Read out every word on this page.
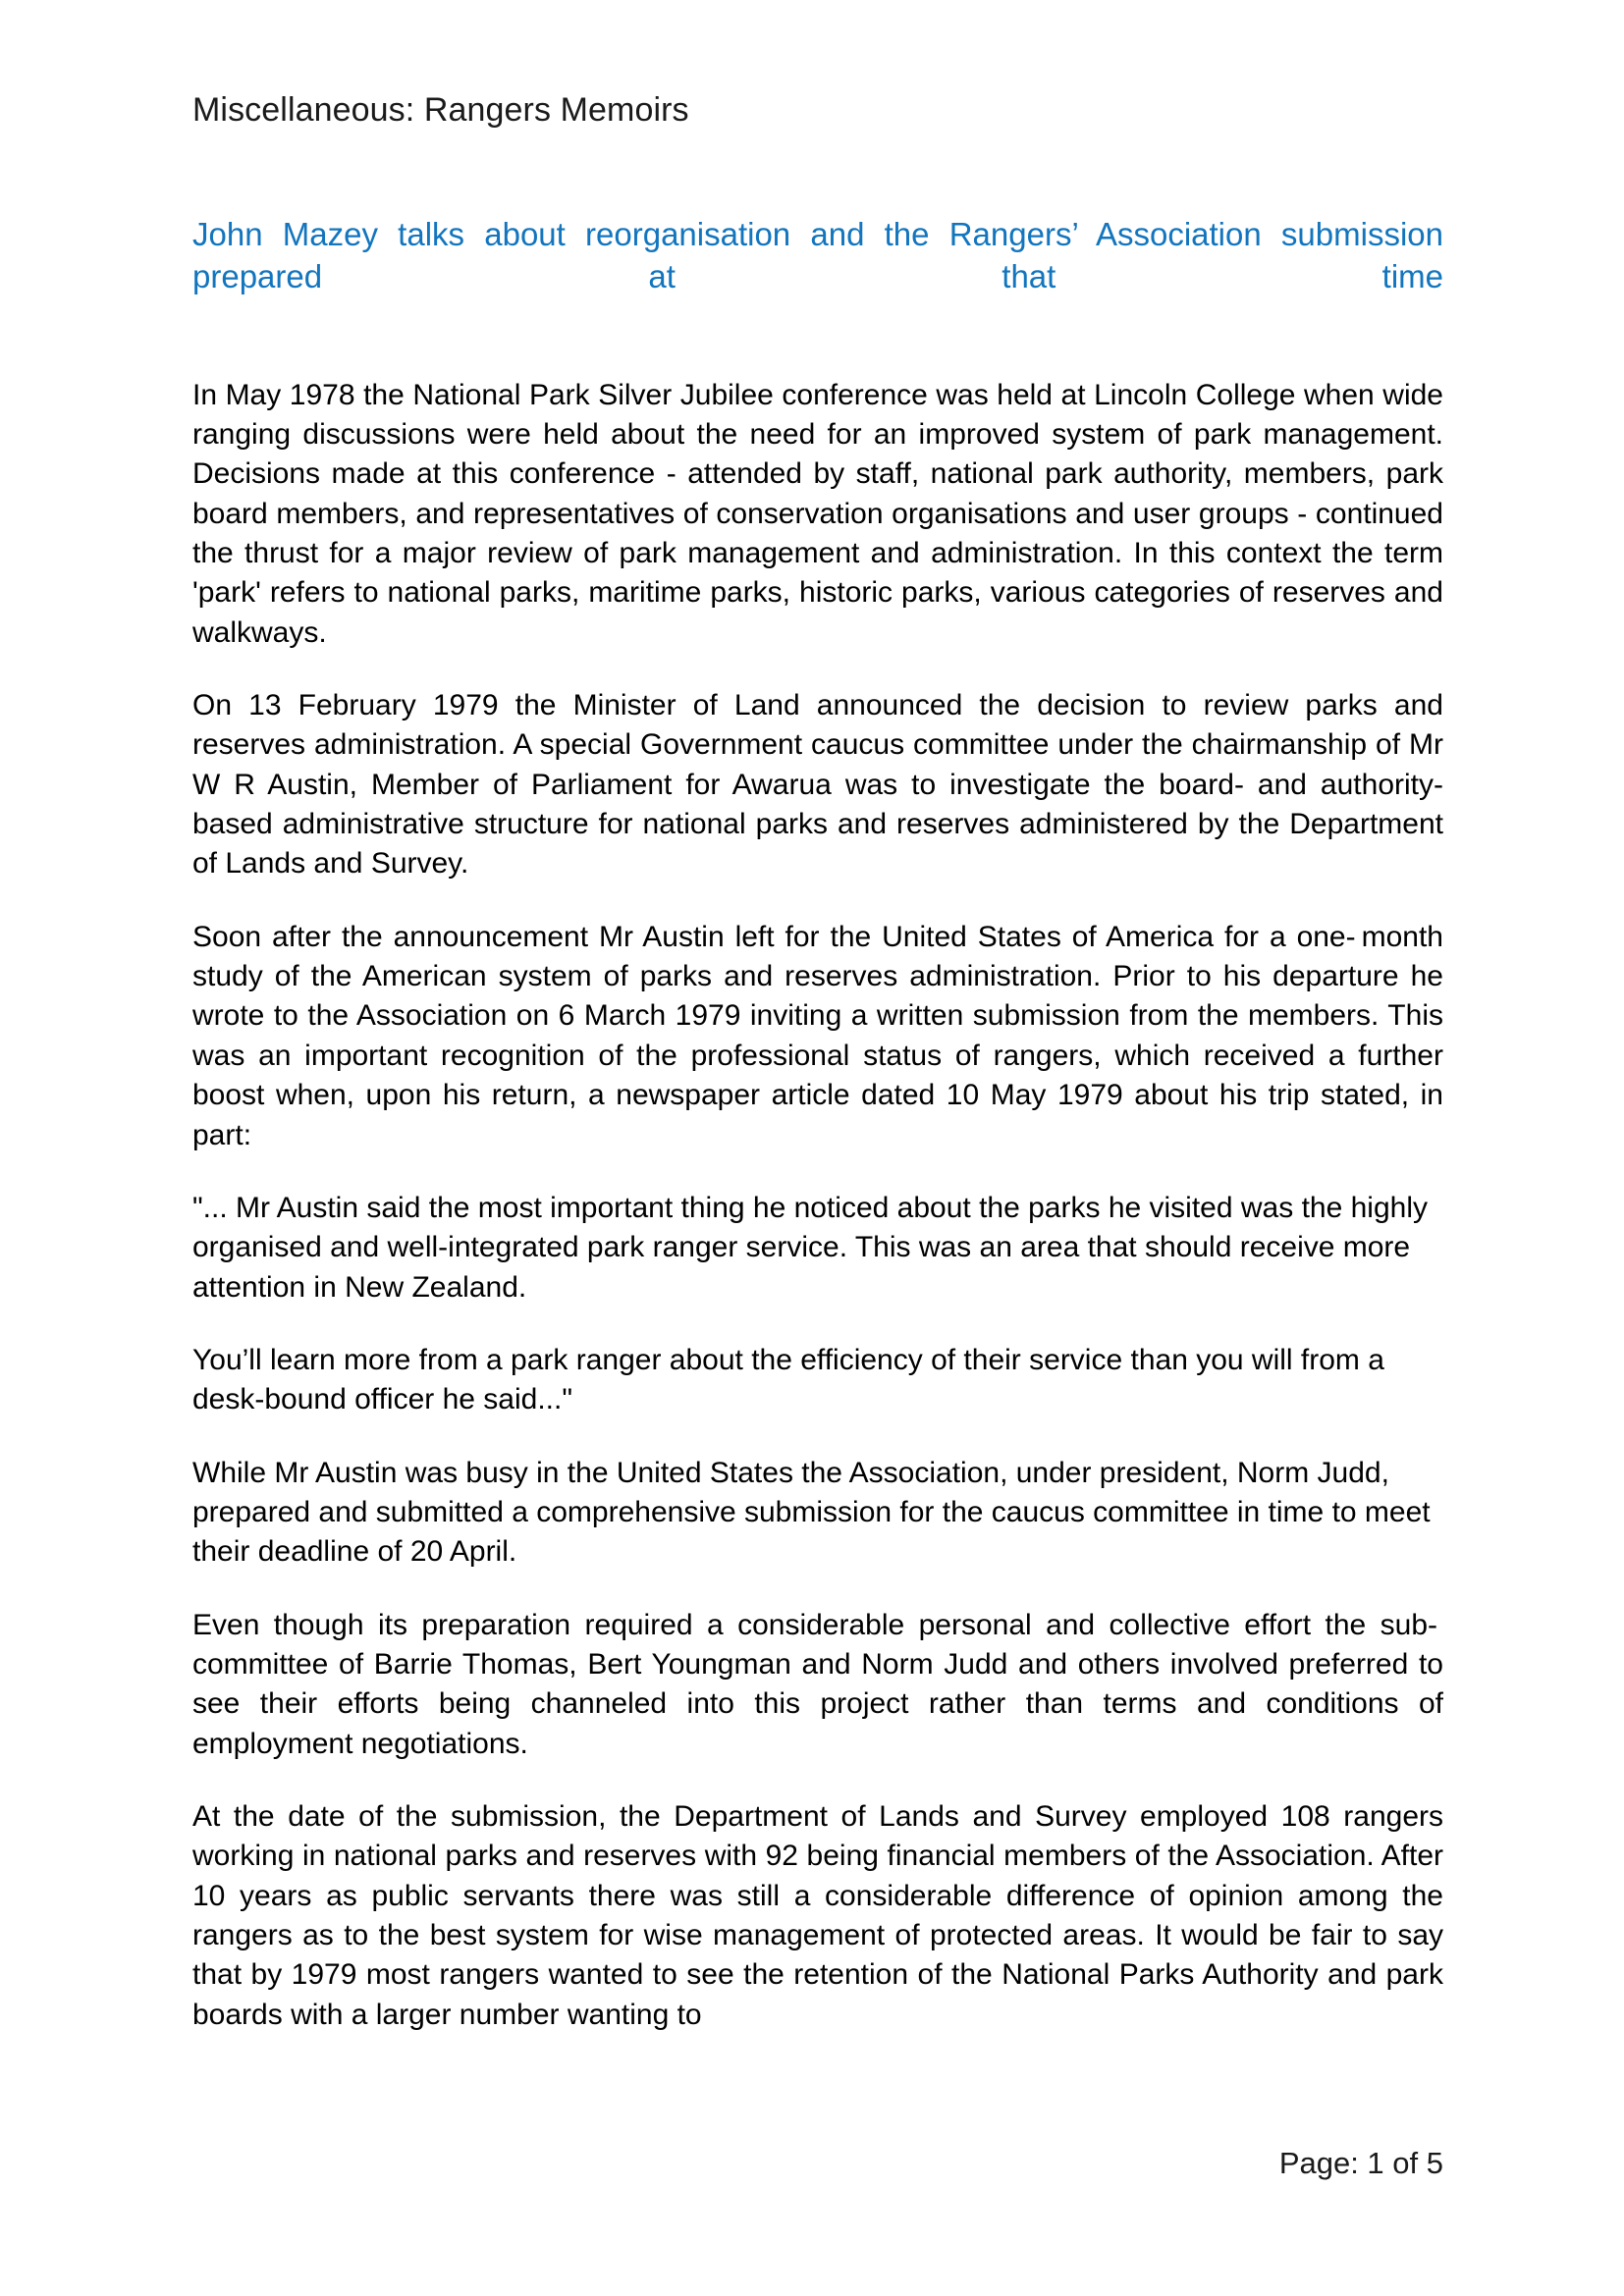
Miscellaneous: Rangers Memoirs
John Mazey talks about reorganisation and the Rangers’ Association submission prepared at that time

In May 1978 the National Park Silver Jubilee conference was held at Lincoln College when wide ranging discussions were held about the need for an improved system of park management. Decisions made at this conference - attended by staff, national park authority, members, park board members, and representatives of conservation organisations and user groups - continued the thrust for a major review of park management and administration. In this context the term 'park' refers to national parks, maritime parks, historic parks, various categories of reserves and walkways.

On 13 February 1979 the Minister of Land announced the decision to review parks and reserves administration. A special Government caucus committee under the chairmanship of Mr W R Austin, Member of Parliament for Awarua was to investigate the board- and authority-based administrative structure for national parks and reserves administered by the Department of Lands and Survey.

Soon after the announcement Mr Austin left for the United States of America for a one- month study of the American system of parks and reserves administration. Prior to his departure he wrote to the Association on 6 March 1979 inviting a written submission from the members. This was an important recognition of the professional status of rangers, which received a further boost when, upon his return, a newspaper article dated 10 May 1979 about his trip stated, in part:

"... Mr Austin said the most important thing he noticed about the parks he visited was the highly organised and well-integrated park ranger service. This was an area that should receive more attention in New Zealand.

You’ll learn more from a park ranger about the efficiency of their service than you will from a desk-bound officer he said..."

While Mr Austin was busy in the United States the Association, under president, Norm Judd, prepared and submitted a comprehensive submission for the caucus committee in time to meet their deadline of 20 April.

Even though its preparation required a considerable personal and collective effort the sub- committee of Barrie Thomas, Bert Youngman and Norm Judd and others involved preferred to see their efforts being channeled into this project rather than terms and conditions of employment negotiations.

At the date of the submission, the Department of Lands and Survey employed 108 rangers working in national parks and reserves with 92 being financial members of the Association. After 10 years as public servants there was still a considerable difference of opinion among the rangers as to the best system for wise management of protected areas. It would be fair to say that by 1979 most rangers wanted to see the retention of the National Parks Authority and park boards with a larger number wanting to

Page: 1 of 5
